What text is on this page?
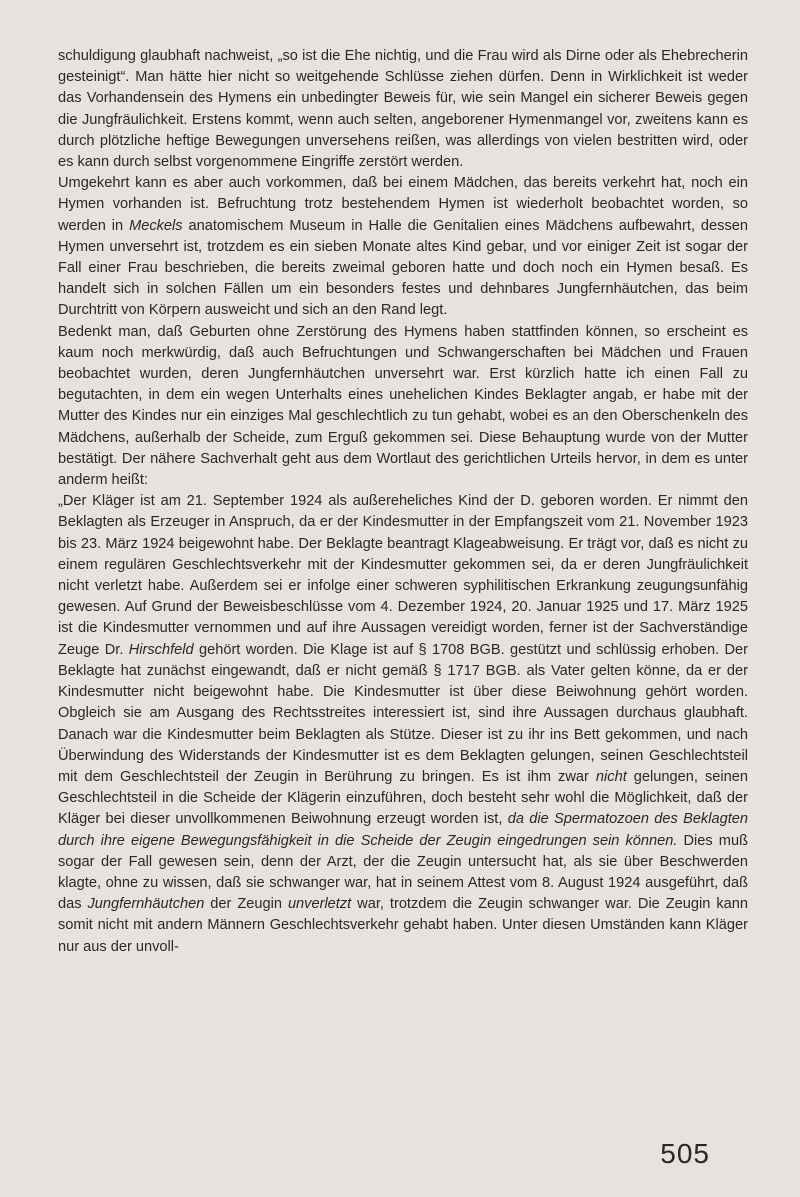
schuldigung glaubhaft nachweist, „so ist die Ehe nichtig, und die Frau wird als Dirne oder als Ehebrecherin gesteinigt“. Man hätte hier nicht so weitgehende Schlüsse ziehen dürfen. Denn in Wirklichkeit ist weder das Vorhandensein des Hymens ein unbedingter Beweis für, wie sein Mangel ein sicherer Beweis gegen die Jungfräulichkeit. Erstens kommt, wenn auch selten, angeborener Hymenmangel vor, zweitens kann es durch plötzliche heftige Bewegungen unversehens reißen, was allerdings von vielen bestritten wird, oder es kann durch selbst vorgenommene Eingriffe zerstört werden.

Umgekehrt kann es aber auch vorkommen, daß bei einem Mädchen, das bereits verkehrt hat, noch ein Hymen vorhanden ist. Befruchtung trotz bestehendem Hymen ist wiederholt beobachtet worden, so werden in Meckels anatomischem Museum in Halle die Genitalien eines Mädchens aufbewahrt, dessen Hymen unversehrt ist, trotzdem es ein sieben Monate altes Kind gebar, und vor einiger Zeit ist sogar der Fall einer Frau beschrieben, die bereits zweimal geboren hatte und doch noch ein Hymen besaß. Es handelt sich in solchen Fällen um ein besonders festes und dehnbares Jungfernhäutchen, das beim Durchtritt von Körpern ausweicht und sich an den Rand legt.

Bedenkt man, daß Geburten ohne Zerstörung des Hymens haben stattfinden können, so erscheint es kaum noch merkwürdig, daß auch Befruchtungen und Schwangerschaften bei Mädchen und Frauen beobachtet wurden, deren Jungfernhäutchen unversehrt war. Erst kürzlich hatte ich einen Fall zu begutachten, in dem ein wegen Unterhalts eines unehelichen Kindes Beklagter angab, er habe mit der Mutter des Kindes nur ein einziges Mal geschlechtlich zu tun gehabt, wobei es an den Oberschenkeln des Mädchens, außerhalb der Scheide, zum Erguß gekommen sei. Diese Behauptung wurde von der Mutter bestätigt. Der nähere Sachverhalt geht aus dem Wortlaut des gerichtlichen Urteils hervor, in dem es unter anderm heißt:

„Der Kläger ist am 21. September 1924 als außereheliches Kind der D. geboren worden. Er nimmt den Beklagten als Erzeuger in Anspruch, da er der Kindesmutter in der Empfangszeit vom 21. November 1923 bis 23. März 1924 beigewohnt habe. Der Beklagte beantragt Klageabweisung. Er trägt vor, daß es nicht zu einem regulären Geschlechtsverkehr mit der Kindesmutter gekommen sei, da er deren Jungfräulichkeit nicht verletzt habe. Außerdem sei er infolge einer schweren syphilitischen Erkrankung zeugungsunfähig gewesen. Auf Grund der Beweisbeschlüsse vom 4. Dezember 1924, 20. Januar 1925 und 17. März 1925 ist die Kindesmutter vernommen und auf ihre Aussagen vereidigt worden, ferner ist der Sachverständige Zeuge Dr. Hirschfeld gehört worden. Die Klage ist auf § 1708 BGB. gestützt und schlüssig erhoben. Der Beklagte hat zunächst eingewandt, daß er nicht gemäß § 1717 BGB. als Vater gelten könne, da er der Kindesmutter nicht beigewohnt habe. Die Kindesmutter ist über diese Beiwohnung gehört worden. Obgleich sie am Ausgang des Rechtsstreites interessiert ist, sind ihre Aussagen durchaus glaubhaft. Danach war die Kindesmutter beim Beklagten als Stütze. Dieser ist zu ihr ins Bett gekommen, und nach Überwindung des Widerstands der Kindesmutter ist es dem Beklagten gelungen, seinen Geschlechtsteil mit dem Geschlechtsteil der Zeugin in Berührung zu bringen. Es ist ihm zwar nicht gelungen, seinen Geschlechtsteil in die Scheide der Klägerin einzuführen, doch besteht sehr wohl die Möglichkeit, daß der Kläger bei dieser unvollkommenen Beiwohnung erzeugt worden ist, da die Spermatozoen des Beklagten durch ihre eigene Bewegungsfähigkeit in die Scheide der Zeugin eingedrungen sein können. Dies muß sogar der Fall gewesen sein, denn der Arzt, der die Zeugin untersucht hat, als sie über Beschwerden klagte, ohne zu wissen, daß sie schwanger war, hat in seinem Attest vom 8. August 1924 ausgeführt, daß das Jungfernhäutchen der Zeugin unverletzt war, trotzdem die Zeugin schwanger war. Die Zeugin kann somit nicht mit andern Männern Geschlechtsverkehr gehabt haben. Unter diesen Umständen kann Kläger nur aus der unvoll-

505
